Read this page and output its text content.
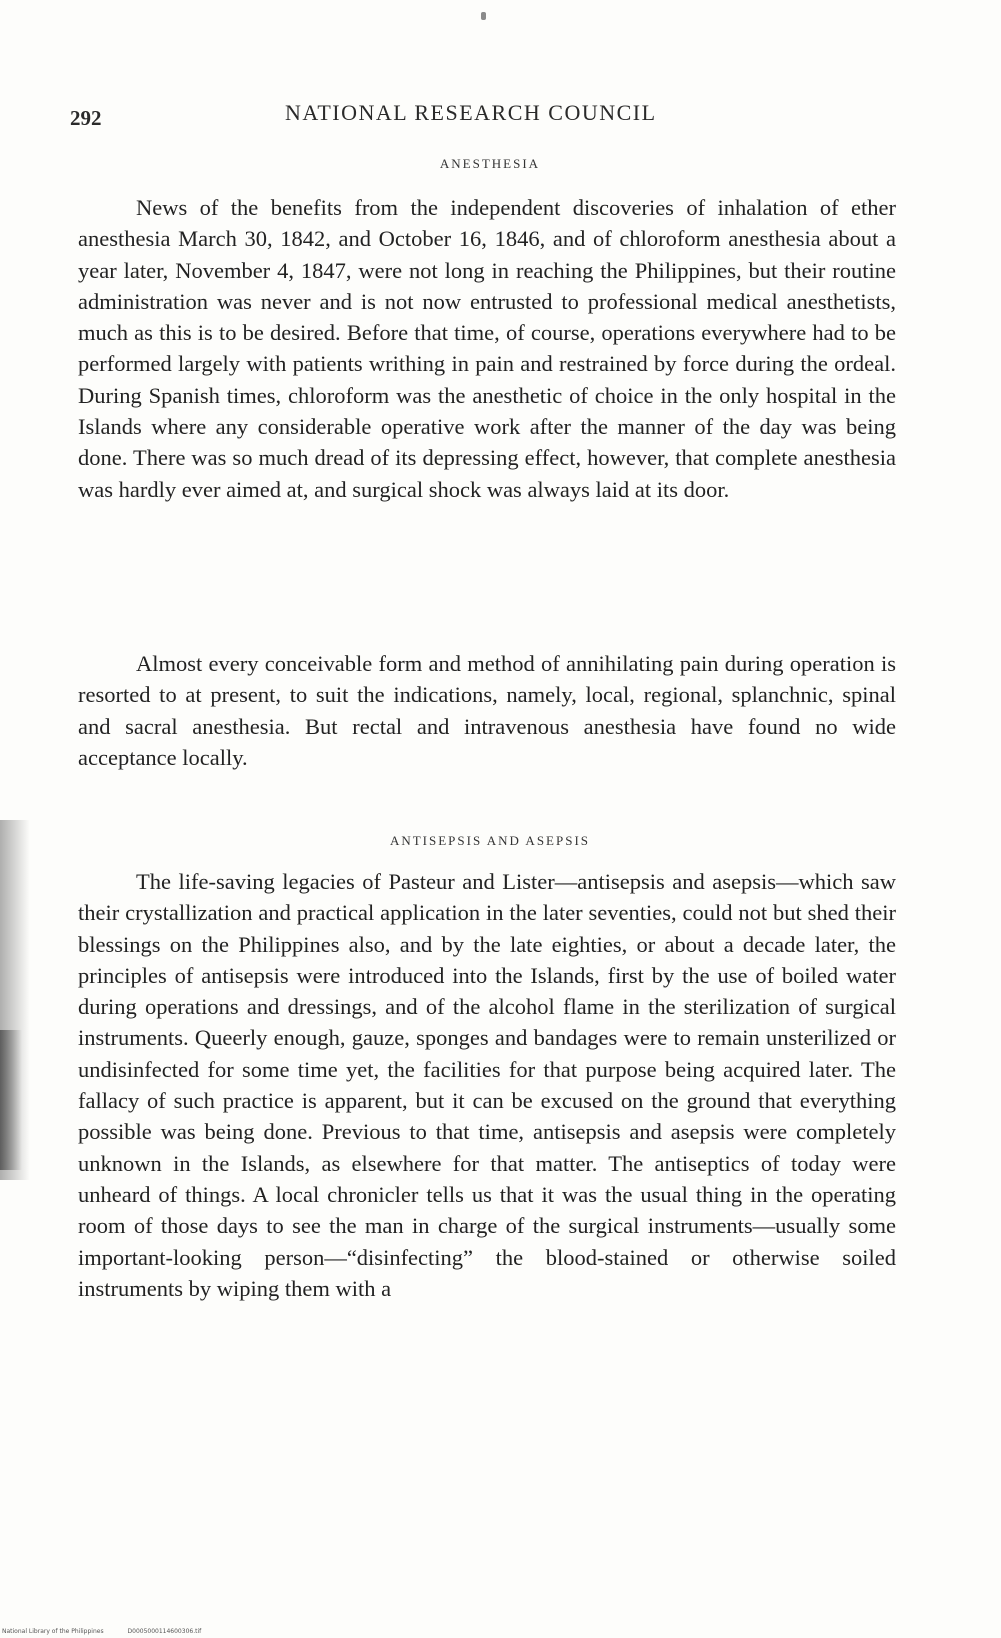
292	NATIONAL RESEARCH COUNCIL
ANESTHESIA

News of the benefits from the independent discoveries of inhalation of ether anesthesia March 30, 1842, and October 16, 1846, and of chloroform anesthesia about a year later, November 4, 1847, were not long in reaching the Philippines, but their routine administration was never and is not now entrusted to professional medical anesthetists, much as this is to be desired. Before that time, of course, operations everywhere had to be performed largely with patients writhing in pain and restrained by force during the ordeal. During Spanish times, chloroform was the anesthetic of choice in the only hospital in the Islands where any considerable operative work after the manner of the day was being done. There was so much dread of its depressing effect, however, that complete anesthesia was hardly ever aimed at, and surgical shock was always laid at its door.

Almost every conceivable form and method of annihilating pain during operation is resorted to at present, to suit the indications, namely, local, regional, splanchnic, spinal and sacral anesthesia. But rectal and intravenous anesthesia have found no wide acceptance locally.

ANTISEPSIS AND ASEPSIS

The life-saving legacies of Pasteur and Lister—antisepsis and asepsis—which saw their crystallization and practical application in the later seventies, could not but shed their blessings on the Philippines also, and by the late eighties, or about a decade later, the principles of antisepsis were introduced into the Islands, first by the use of boiled water during operations and dressings, and of the alcohol flame in the sterilization of surgical instruments. Queerly enough, gauze, sponges and bandages were to remain unsterilized or undisinfected for some time yet, the facilities for that purpose being acquired later. The fallacy of such practice is apparent, but it can be excused on the ground that everything possible was being done. Previous to that time, antisepsis and asepsis were completely unknown in the Islands, as elsewhere for that matter. The antiseptics of today were unheard of things. A local chronicler tells us that it was the usual thing in the operating room of those days to see the man in charge of the surgical instruments—usually some important-looking person—“disinfecting” the blood-stained or otherwise soiled instruments by wiping them with a

National Library of the Philippines	D0005000114600306.tif
